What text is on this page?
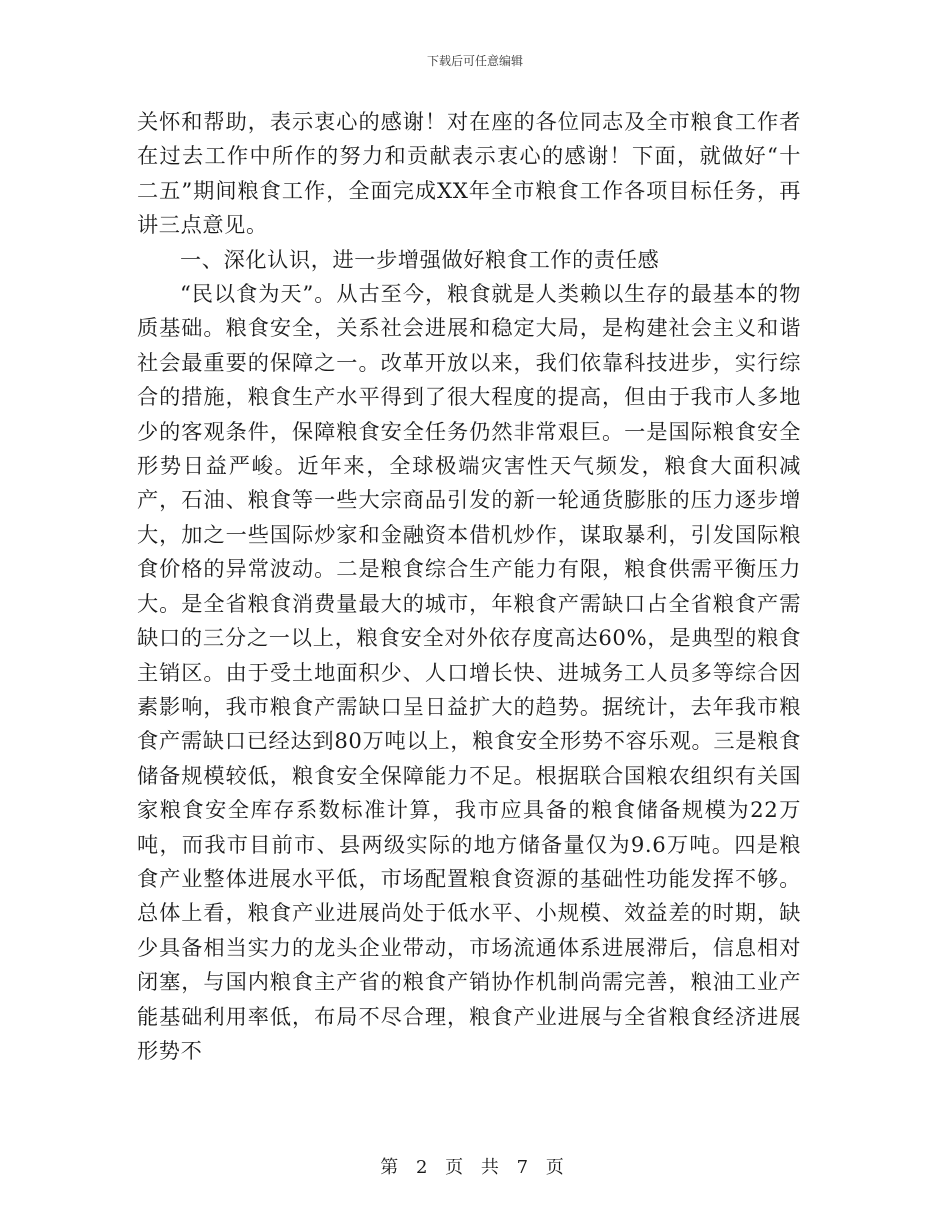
下载后可任意编辑

关怀和帮助，表示衷心的感谢！对在座的各位同志及全市粮食工作者在过去工作中所作的努力和贡献表示衷心的感谢！下面，就做好“十二五”期间粮食工作，全面完成XX年全市粮食工作各项目标任务，再讲三点意见。

一、深化认识，进一步增强做好粮食工作的责任感

“民以食为天”。从古至今，粮食就是人类赖以生存的最基本的物质基础。粮食安全，关系社会进展和稳定大局，是构建社会主义和谐社会最重要的保障之一。改革开放以来，我们依靠科技进步，实行综合的措施，粮食生产水平得到了很大程度的提高，但由于我市人多地少的客观条件，保障粮食安全任务仍然非常艰巨。一是国际粮食安全形势日益严峻。近年来，全球极端灾害性天气频发，粮食大面积减产，石油、粮食等一些大宗商品引发的新一轮通货膨胀的压力逐步增大，加之一些国际炒家和金融资本借机炒作，谋取暴利，引发国际粮食价格的异常波动。二是粮食综合生产能力有限，粮食供需平衡压力大。是全省粮食消费量最大的城市，年粮食产需缺口占全省粮食产需缺口的三分之一以上，粮食安全对外依存度高达60%，是典型的粮食主销区。由于受土地面积少、人口增长快、进城务工人员多等综合因素影响，我市粮食产需缺口呈日益扩大的趋势。据统计，去年我市粮食产需缺口已经达到80万吨以上，粮食安全形势不容乐观。三是粮食储备规模较低，粮食安全保障能力不足。根据联合国粮农组织有关国家粮食安全库存系数标准计算，我市应具备的粮食储备规模为22万吨，而我市目前市、县两级实际的地方储备量仅为9.6万吨。四是粮食产业整体进展水平低，市场配置粮食资源的基础性功能发挥不够。总体上看，粮食产业进展尚处于低水平、小规模、效益差的时期，缺少具备相当实力的龙头企业带动，市场流通体系进展滞后，信息相对闭塞，与国内粮食主产省的粮食产销协作机制尚需完善，粮油工业产能基础利用率低，布局不尽合理，粮食产业进展与全省粮食经济进展形势不

第 2 页 共 7 页
